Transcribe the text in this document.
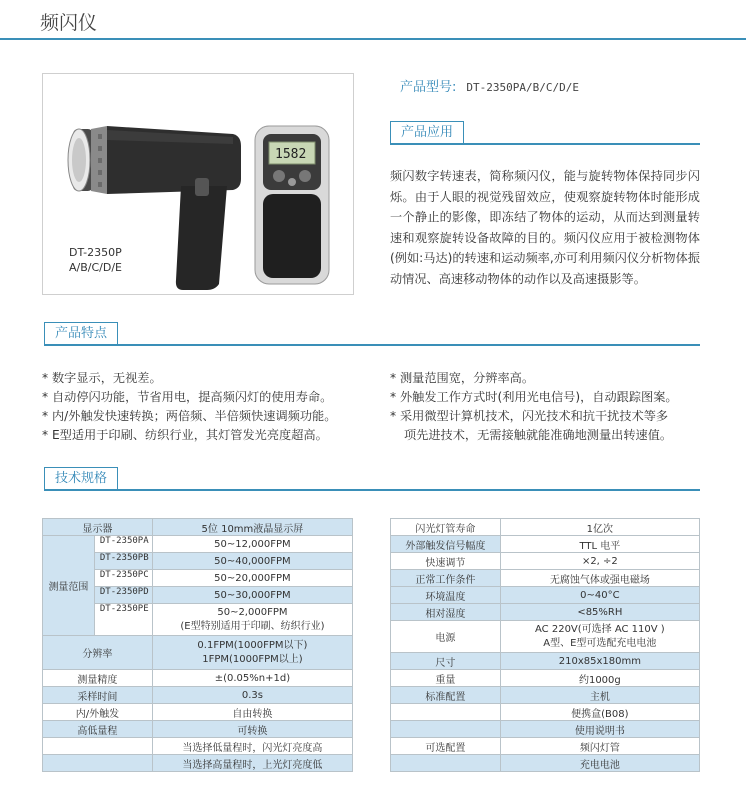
频闪仪
1582
DT-2350P
A/B/C/D/E
产品型号: DT-2350PA/B/C/D/E
产品应用
频闪数字转速表，简称频闪仪，能与旋转物体保持同步闪烁。由于人眼的视觉残留效应，使观察旋转物体时能形成一个静止的影像，即冻结了物体的运动，从而达到测量转速和观察旋转设备故障的目的。频闪仪应用于被检测物体(例如:马达)的转速和运动频率,亦可利用频闪仪分析物体振动情况、高速移动物体的动作以及高速摄影等。
产品特点
* 数字显示，无视差。
* 自动停闪功能，节省用电，提高频闪灯的使用寿命。
* 内/外触发快速转换；两倍频、半倍频快速调频功能。
* E型适用于印刷、纺织行业，其灯管发光亮度超高。
* 测量范围宽，分辨率高。
* 外触发工作方式时(利用光电信号)，自动跟踪图案。
* 采用微型计算机技术，闪光技术和抗干扰技术等多
项先进技术，无需接触就能准确地测量出转速值。
技术规格
显示器		5位 10mm液晶显示屏
测量范围	DT-2350PA	50~12,000FPM
	DT-2350PB	50~40,000FPM
	DT-2350PC	50~20,000FPM
	DT-2350PD	50~30,000FPM
	DT-2350PE	50~2,000FPM
(E型特别适用于印刷、纺织行业)

分辨率		0.1FPM(1000FPM以下)
1FPM(1000FPM以上)

测量精度		±(0.05%n+1d)
采样时间		0.3s
内/外触发		自由转换
高低量程		可转换
		当选择低量程时，闪光灯亮度高
		当选择高量程时，上光灯亮度低
闪光灯管寿命	1亿次
外部触发信号幅度	TTL 电平
快速调节	×2, ÷2
正常工作条件	无腐蚀气体或强电磁场
环境温度	0~40°C
相对湿度	<85%RH
电源	AC 220V(可选择 AC 110V )
A型、E型可选配充电电池

尺寸	210x85x180mm
重量	约1000g
标准配置	主机
	便携盒(B08)
	使用说明书
可选配置	频闪灯管
	充电电池
